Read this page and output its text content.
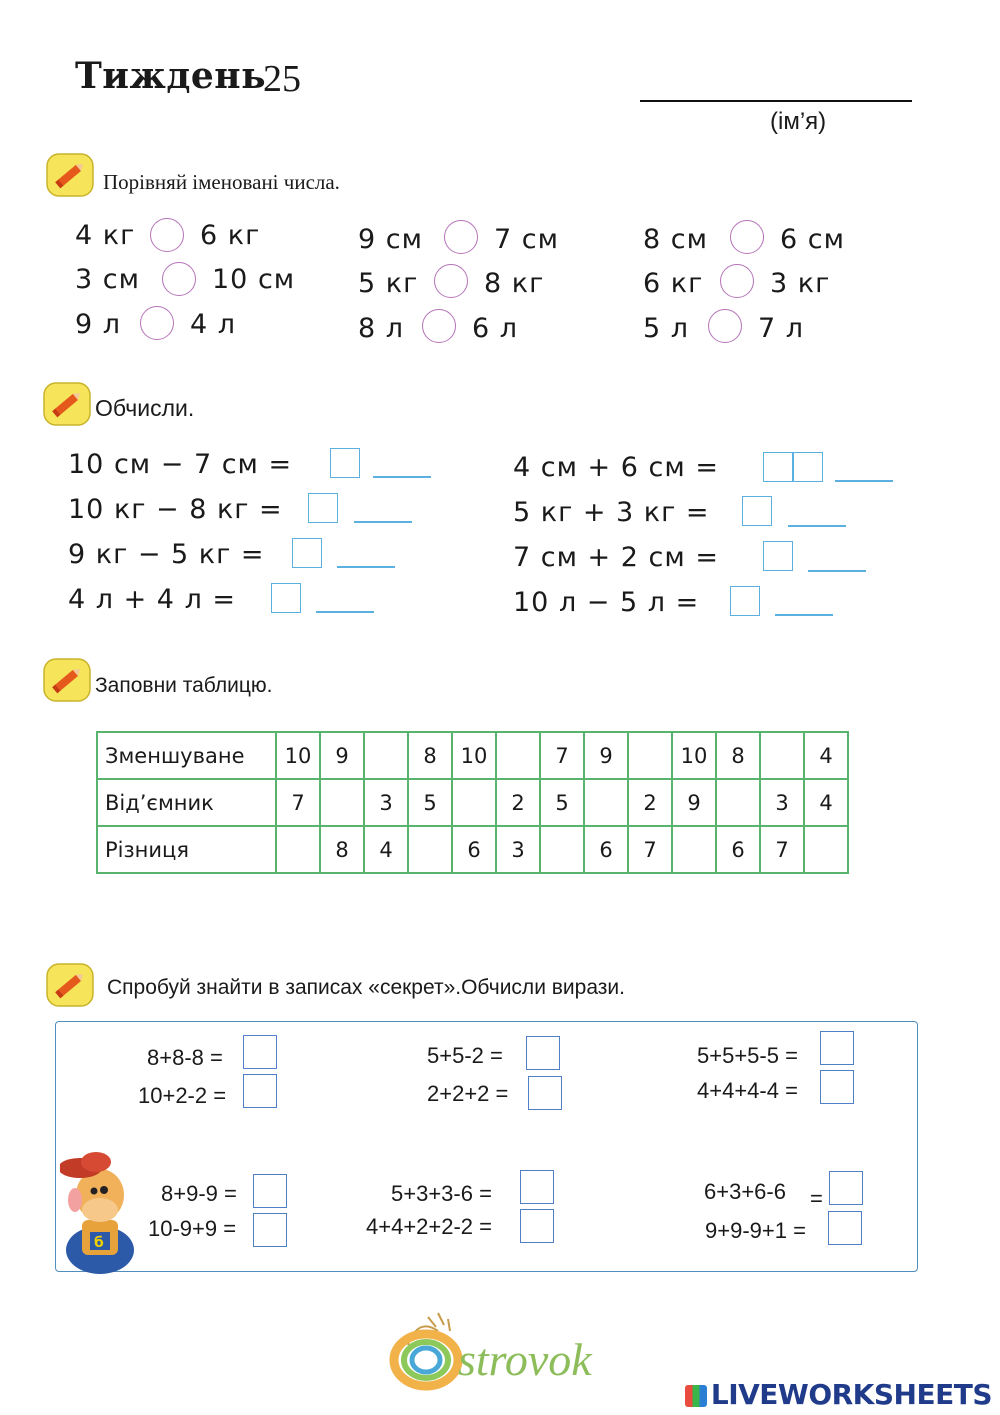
Тиждень
25
(ім’я)
Порівняй іменовані числа.
4 кг 6 кг
3 см	10 см
9 л	4 л
9 см	7 см
5 кг 8 кг
8 л	6 л
8 см	6 см
6 кг 3 кг
5 л	7 л
Обчисли.
10 см − 7 см =
10 кг − 8 кг =
9 кг − 5 кг =
4 л + 4 л =
4 см + 6 см =
5 кг + 3 кг =
7 см + 2 см =
10 л − 5 л =
Заповни таблицю.
Зменшуване	10	9		8	10		7	9		10	8		4
Від’ємник	7		3	5		2	5		2	9		3	4
Різниця		8	4		6	3		6	7		6	7	
Спробуй знайти в записах «секрет».Обчисли вирази.
8+8-8 =
10+2-2 =
5+5-2 =
2+2+2 =
5+5+5-5 =
4+4+4-4 =
б
8+9-9 =
10-9+9 =
5+3+3-6 =
4+4+2+2-2 =
6+3+6-6 =
9+9-9+1 =
strovok
LIVEWORKSHEETS
